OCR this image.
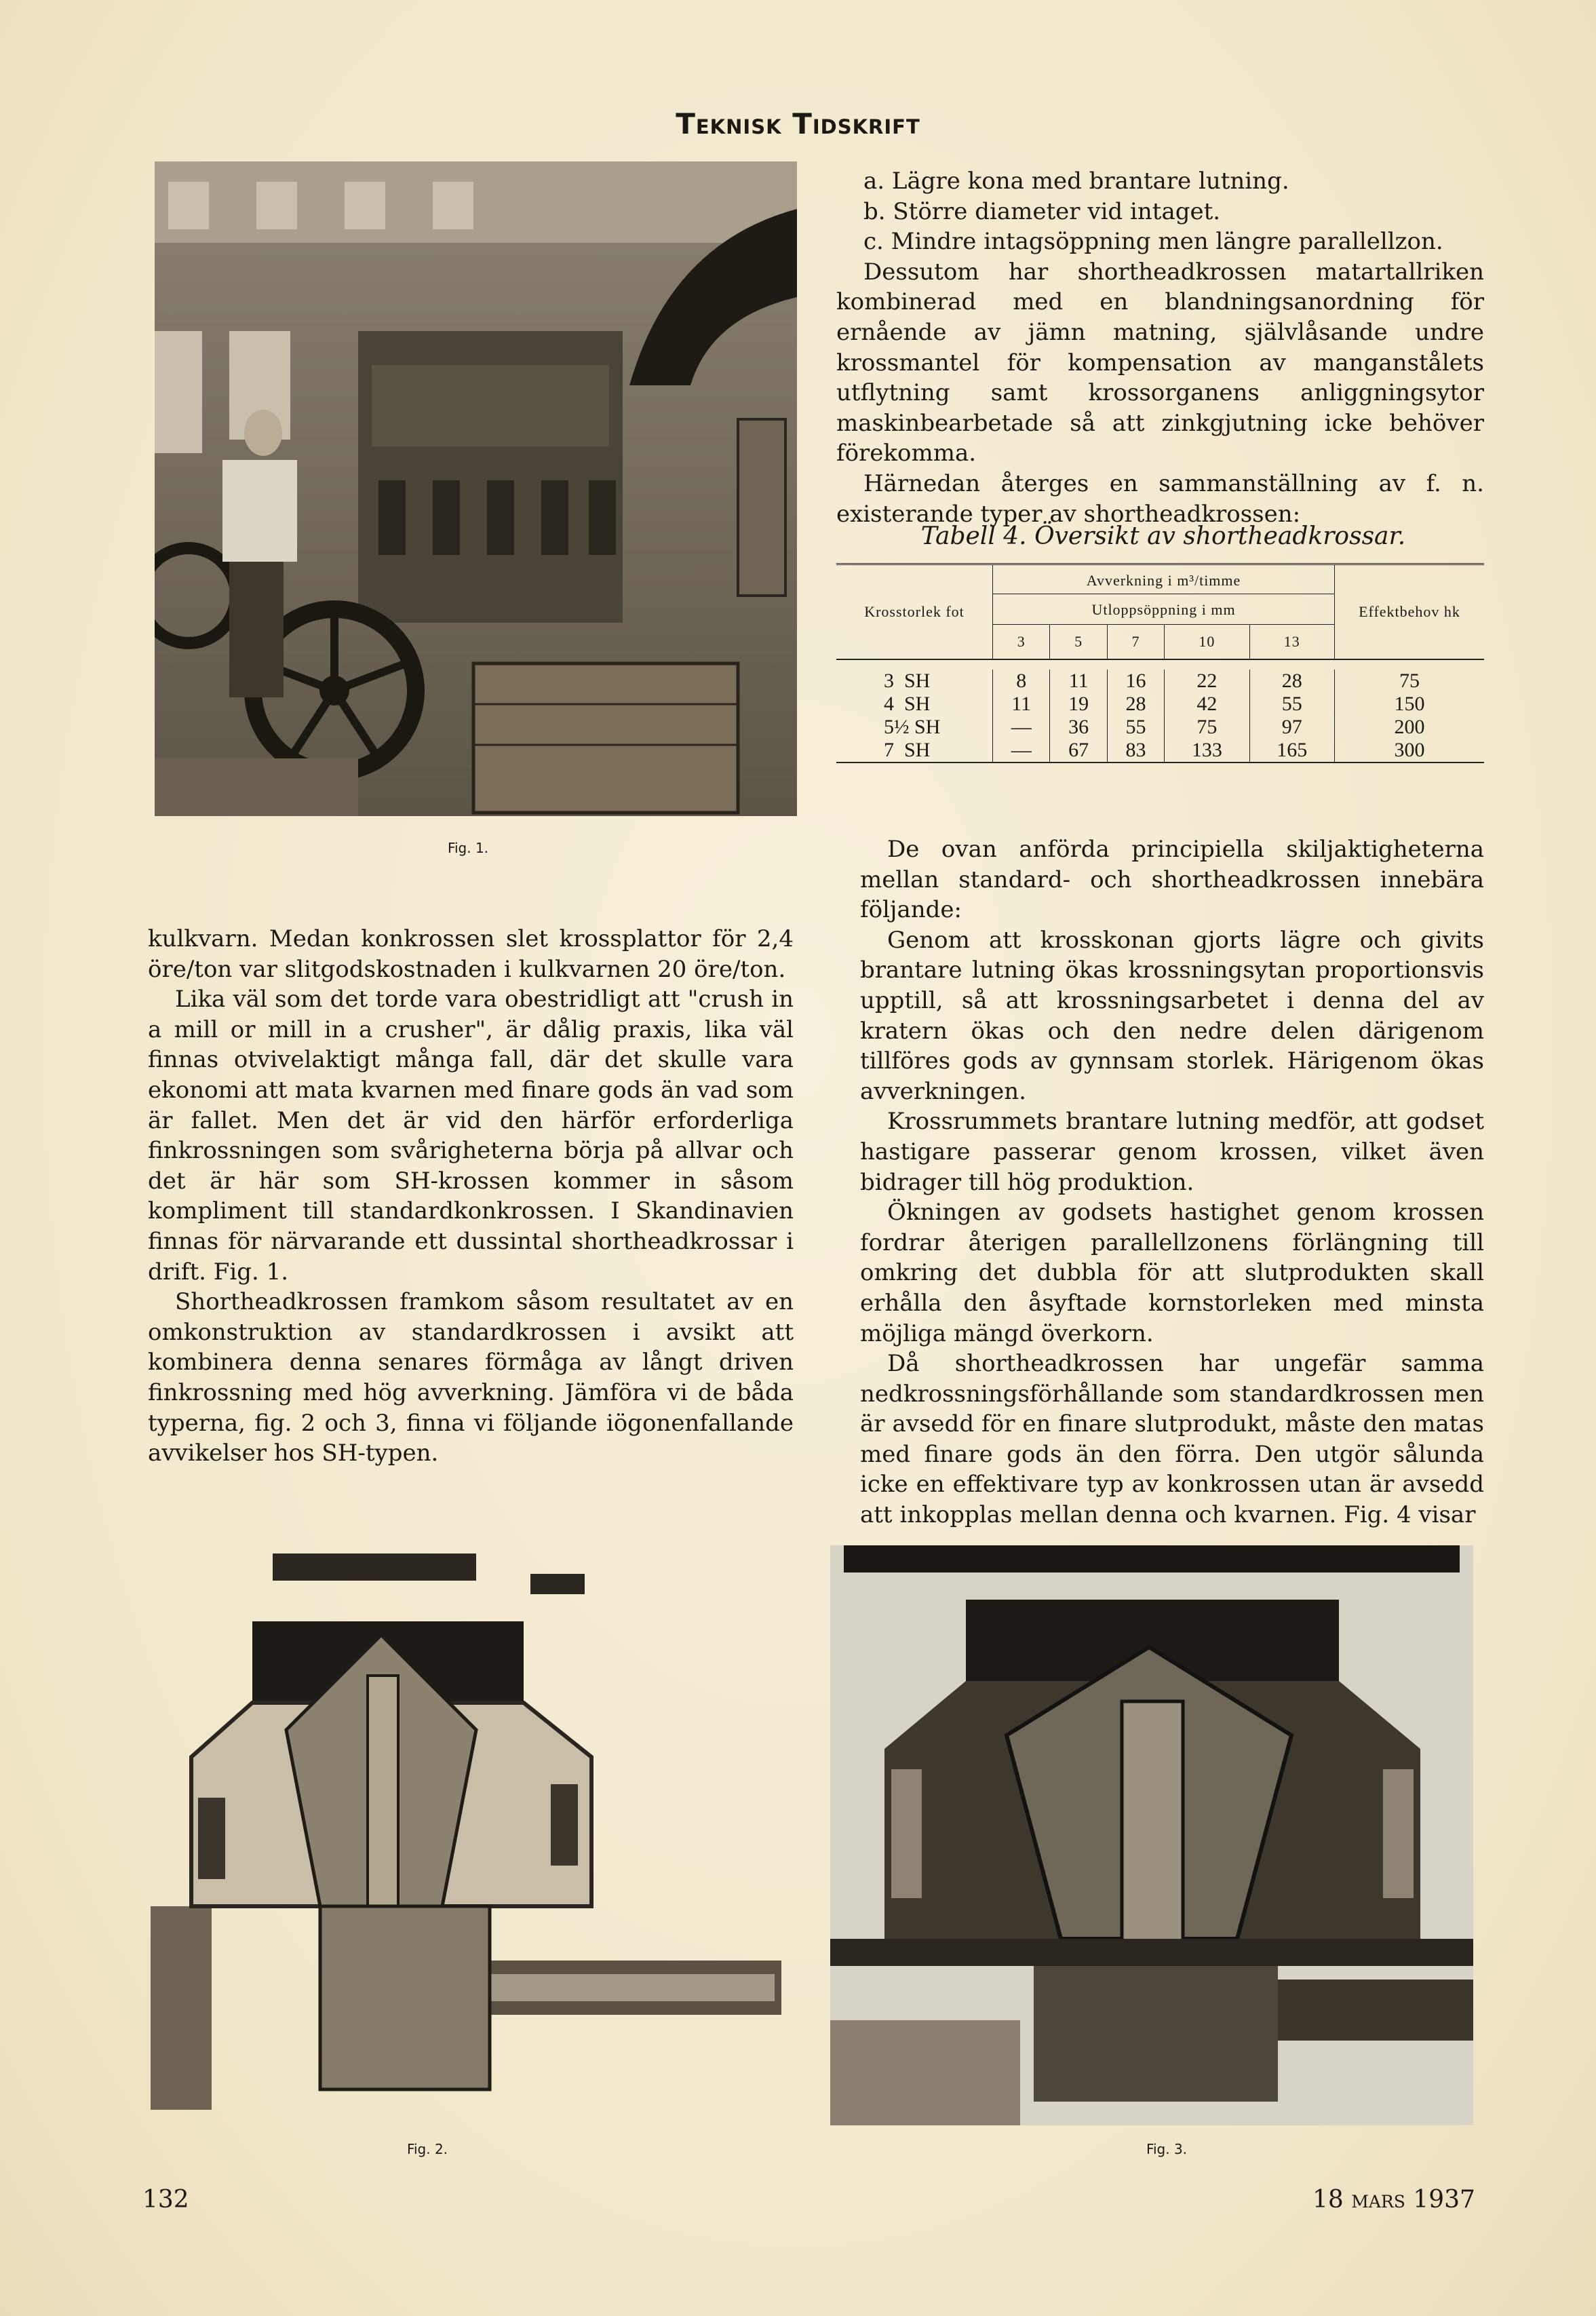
Teknisk Tidskrift
Fig. 1.

a. Lägre kona med brantare lutning.

b. Större diameter vid intaget.

c. Mindre intagsöppning men längre parallellzon.

Dessutom har shortheadkrossen matartallriken kombinerad med en blandningsanordning för ernående av jämn matning, självlåsande undre krossmantel för kompensation av manganstålets utflytning samt krossorganens anliggningsytor maskinbearbetade så att zinkgjutning icke behöver förekomma.

Härnedan återges en sammanställning av f. n. existerande typer av shortheadkrossen:

Tabell 4. Översikt av shortheadkrossar.
Krosstorlek fot	Avverkning i m³/timme					Effektbehov hk
	Utloppsöppning i mm					
	3	5	7	10	13	

3  SH	8	11	16	22	28	75
4  SH	11	19	28	42	55	150
5½ SH	—	36	55	75	97	200
7  SH	—	67	83	133	165	300

kulkvarn. Medan konkrossen slet krossplattor för 2,4 öre/ton var slitgodskostnaden i kulkvarnen 20 öre/ton.

Lika väl som det torde vara obestridligt att "crush in a mill or mill in a crusher", är dålig praxis, lika väl finnas otvivelaktigt många fall, där det skulle vara ekonomi att mata kvarnen med finare gods än vad som är fallet. Men det är vid den härför erforderliga finkrossningen som svårigheterna börja på allvar och det är här som SH-krossen kommer in såsom kompliment till standardkonkrossen. I Skandinavien finnas för närvarande ett dussintal shortheadkrossar i drift. Fig. 1.

Shortheadkrossen framkom såsom resultatet av en omkonstruktion av standardkrossen i avsikt att kombinera denna senares förmåga av långt driven finkrossning med hög avverkning. Jämföra vi de båda typerna, fig. 2 och 3, finna vi följande iögonenfallande avvikelser hos SH-typen.

De ovan anförda principiella skiljaktigheterna mellan standard- och shortheadkrossen innebära följande:

Genom att krosskonan gjorts lägre och givits brantare lutning ökas krossningsytan proportionsvis upptill, så att krossningsarbetet i denna del av kratern ökas och den nedre delen därigenom tillföres gods av gynnsam storlek. Härigenom ökas avverkningen.

Krossrummets brantare lutning medför, att godset hastigare passerar genom krossen, vilket även bidrager till hög produktion.

Ökningen av godsets hastighet genom krossen fordrar återigen parallellzonens förlängning till omkring det dubbla för att slutprodukten skall erhålla den åsyftade kornstorleken med minsta möjliga mängd överkorn.

Då shortheadkrossen har ungefär samma nedkrossningsförhållande som standardkrossen men är avsedd för en finare slutprodukt, måste den matas med finare gods än den förra. Den utgör sålunda icke en effektivare typ av konkrossen utan är avsedd att inkopplas mellan denna och kvarnen. Fig. 4 visar

Fig. 2.	Fig. 3.
132	18 mars 1937
